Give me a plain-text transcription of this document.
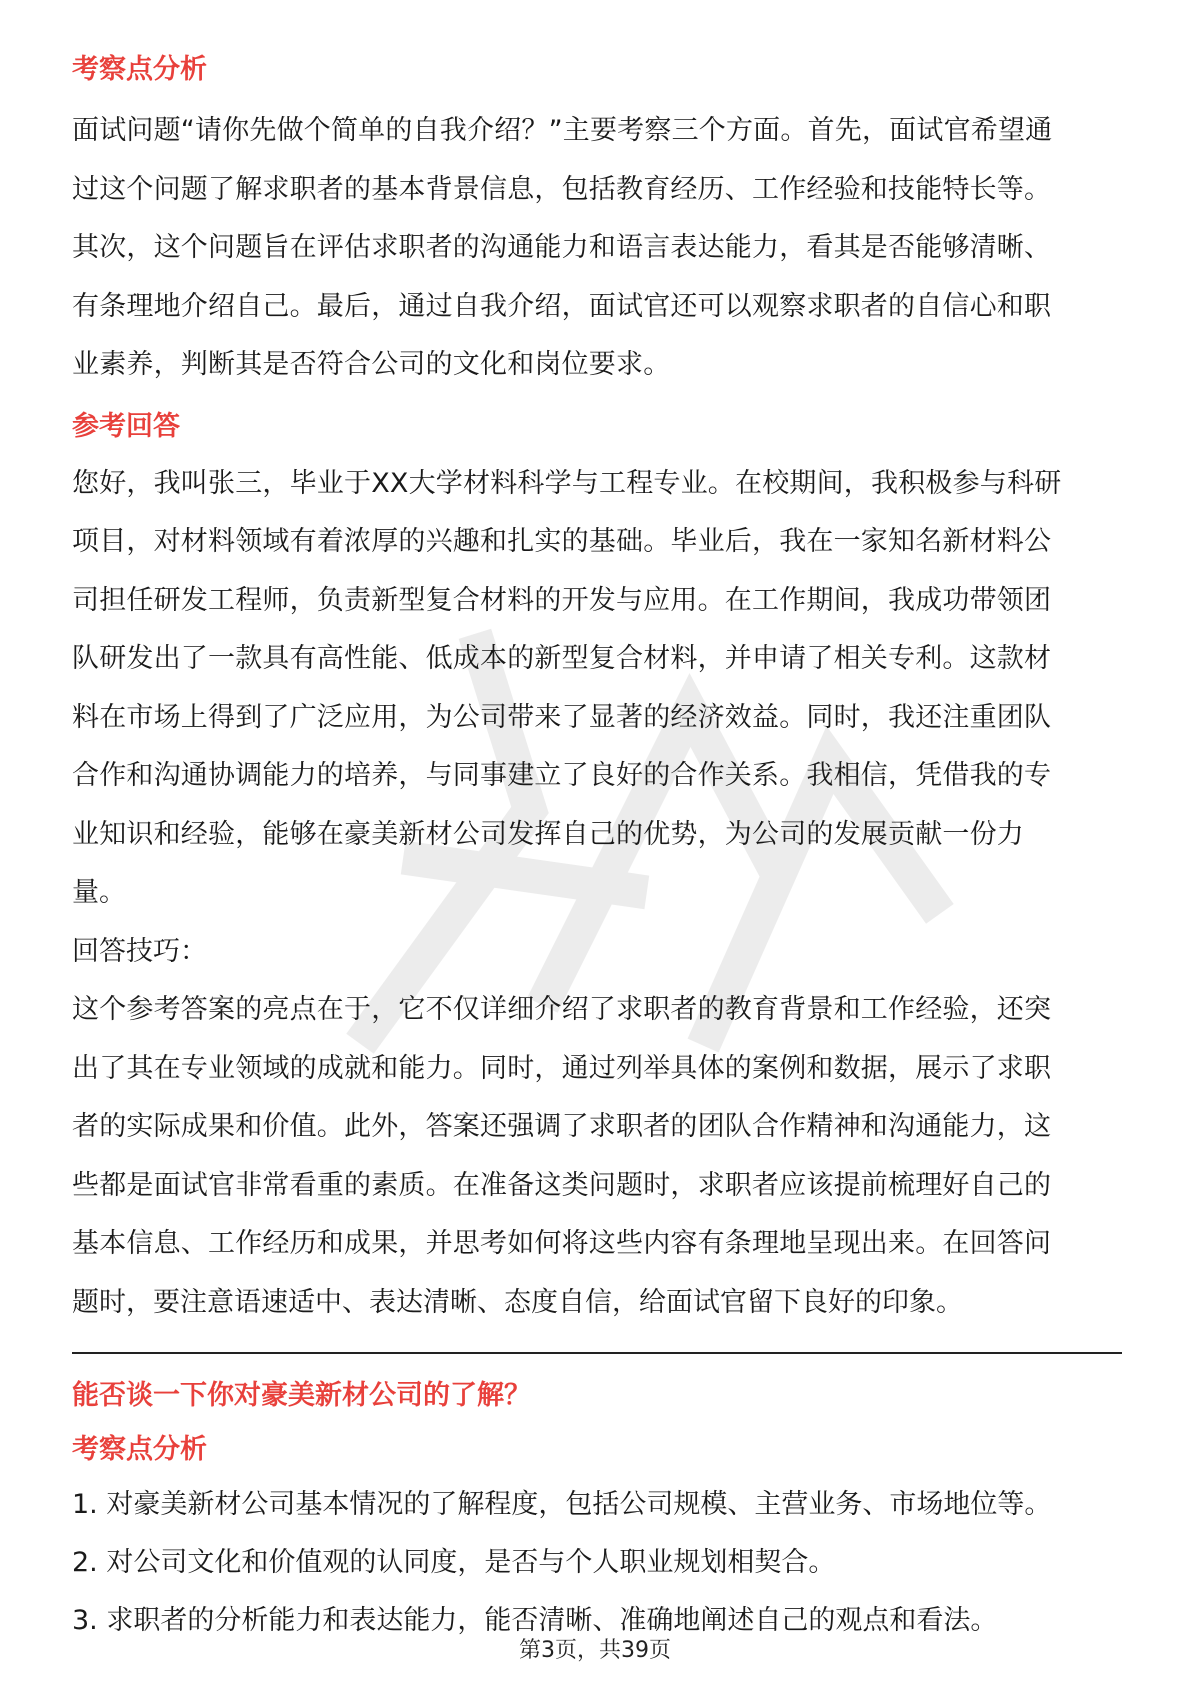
考察点分析

面试问题“请你先做个简单的自我介绍？”主要考察三个方面。首先，面试官希望通

过这个问题了解求职者的基本背景信息，包括教育经历、工作经验和技能特长等。

其次，这个问题旨在评估求职者的沟通能力和语言表达能力，看其是否能够清晰、

有条理地介绍自己。最后，通过自我介绍，面试官还可以观察求职者的自信心和职

业素养，判断其是否符合公司的文化和岗位要求。

参考回答

您好，我叫张三，毕业于XX大学材料科学与工程专业。在校期间，我积极参与科研

项目，对材料领域有着浓厚的兴趣和扎实的基础。毕业后，我在一家知名新材料公

司担任研发工程师，负责新型复合材料的开发与应用。在工作期间，我成功带领团

队研发出了一款具有高性能、低成本的新型复合材料，并申请了相关专利。这款材

料在市场上得到了广泛应用，为公司带来了显著的经济效益。同时，我还注重团队

合作和沟通协调能力的培养，与同事建立了良好的合作关系。我相信，凭借我的专

业知识和经验，能够在豪美新材公司发挥自己的优势，为公司的发展贡献一份力

量。

回答技巧：

这个参考答案的亮点在于，它不仅详细介绍了求职者的教育背景和工作经验，还突

出了其在专业领域的成就和能力。同时，通过列举具体的案例和数据，展示了求职

者的实际成果和价值。此外，答案还强调了求职者的团队合作精神和沟通能力，这

些都是面试官非常看重的素质。在准备这类问题时，求职者应该提前梳理好自己的

基本信息、工作经历和成果，并思考如何将这些内容有条理地呈现出来。在回答问

题时，要注意语速适中、表达清晰、态度自信，给面试官留下良好的印象。

能否谈一下你对豪美新材公司的了解？
考察点分析

1. 对豪美新材公司基本情况的了解程度，包括公司规模、主营业务、市场地位等。

2. 对公司文化和价值观的认同度，是否与个人职业规划相契合。

3. 求职者的分析能力和表达能力，能否清晰、准确地阐述自己的观点和看法。

第3页，共39页
